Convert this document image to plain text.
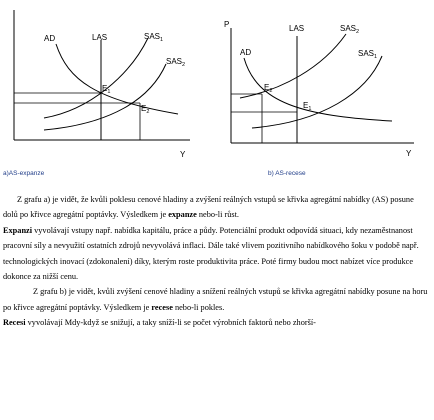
AD	LAS	$SAS_1$
$SAS_2$
$E_1$
$E_2$
Y
P
AD
LAS	$SAS_2$
$SAS_1$
$E_2$
$E_1$
Y
a)AS-expanze	b) AS-recese

Z grafu a) je vidět, že kvůli poklesu cenové hladiny a zvýšení reálných vstupů se křivka agregátní nabídky (AS) posune dolů po křivce agregátní poptávky. Výsledkem je expanze nebo-li růst.

Expanzi vyvolávají vstupy např. nabídka kapitálu, práce a půdy. Potenciální produkt odpovídá situaci, kdy nezaměstnanost pracovní síly a nevyužití ostatních zdrojů nevyvolává inflaci. Dále také vlivem pozitivního nabídkového šoku v podobě např. technologických inovací (zdokonalení) díky, kterým roste produktivita práce. Poté firmy budou moct nabízet více produkce dokonce za nižší cenu.

Z grafu b) je vidět, kvůli zvýšení cenové hladiny a snížení reálných vstupů se křivka agregátní nabídky posune na horu po křivce agregátní poptávky. Výsledkem je recese nebo-li pokles.

Recesi vyvolávají Mdy-když se snižují, a taky sníží-li se počet výrobních faktorů nebo zhorší-
